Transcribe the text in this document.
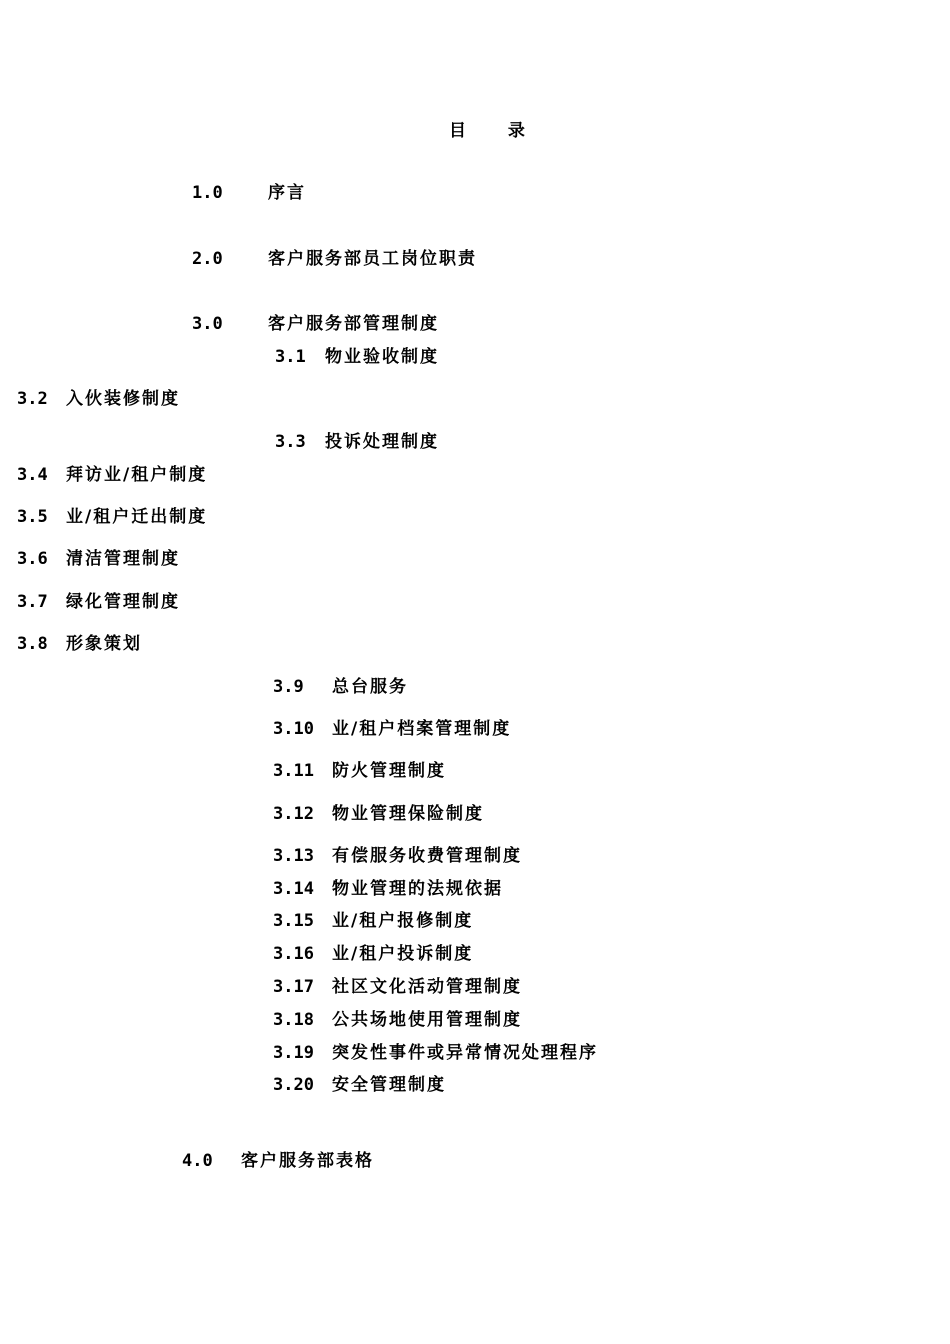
目 录
1.0	序言
2.0	客户服务部员工岗位职责
3.0	客户服务部管理制度
3.1 物业验收制度
3.2 入伙装修制度
3.3 投诉处理制度
3.4 拜访业/租户制度
3.5 业/租户迁出制度
3.6 清洁管理制度
3.7 绿化管理制度
3.8 形象策划
3.9 总台服务
3.10 业/租户档案管理制度
3.11 防火管理制度
3.12 物业管理保险制度
3.13 有偿服务收费管理制度
3.14 物业管理的法规依据
3.15 业/租户报修制度
3.16 业/租户投诉制度
3.17 社区文化活动管理制度
3.18 公共场地使用管理制度
3.19 突发性事件或异常情况处理程序
3.20 安全管理制度
4.0 客户服务部表格
